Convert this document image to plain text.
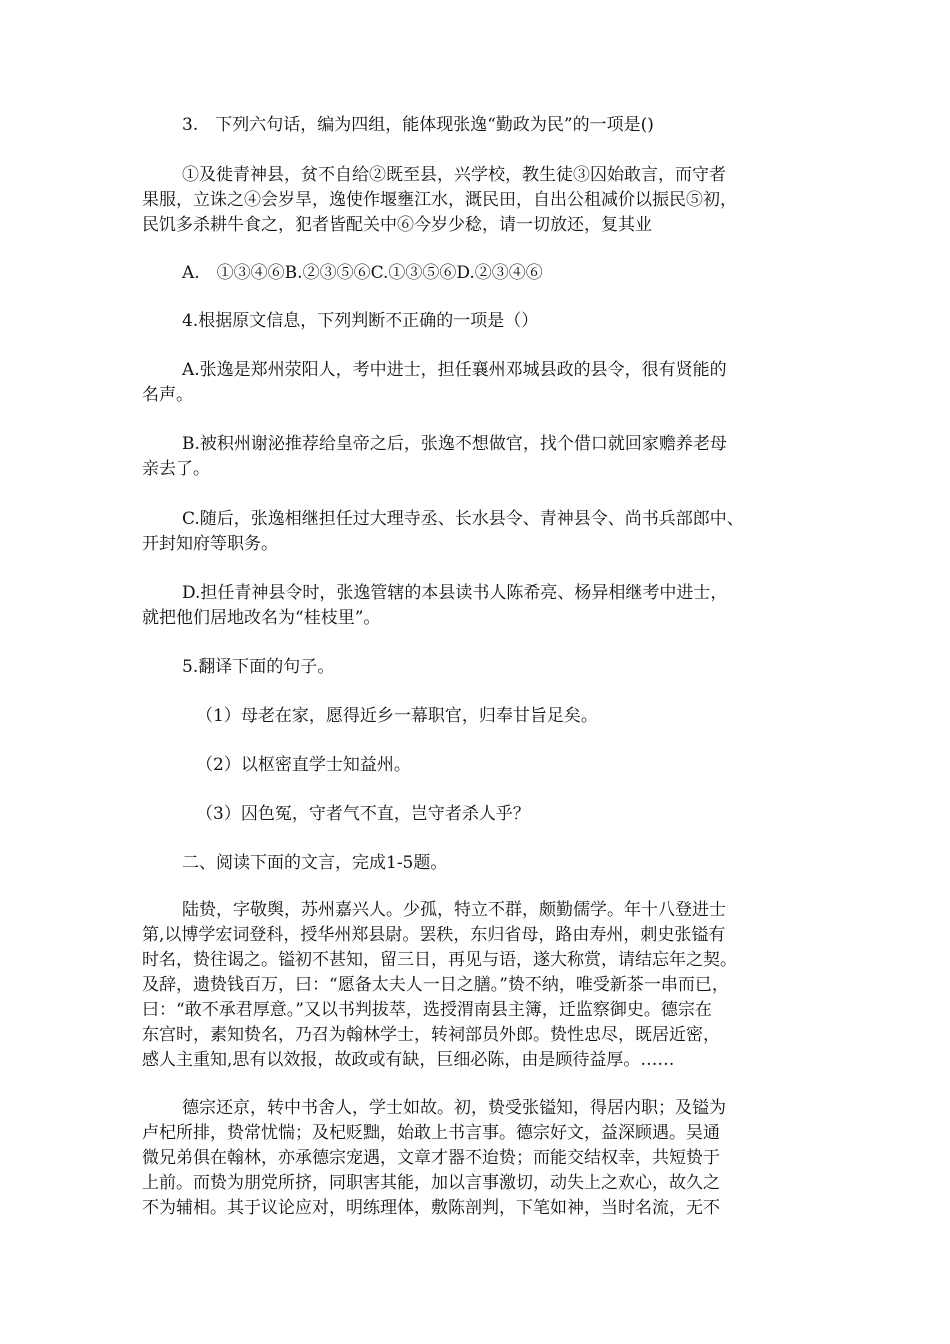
3.　下列六句话，编为四组，能体现张逸“勤政为民”的一项是()
①及徙青神县，贫不自给②既至县，兴学校，教生徒③囚始敢言，而守者
果服，立诛之④会岁旱，逸使作堰壅江水，溉民田，自出公租减价以振民⑤初，
民饥多杀耕牛食之，犯者皆配关中⑥今岁少稔，请一切放还，复其业
A.　①③④⑥B.②③⑤⑥C.①③⑤⑥D.②③④⑥
4.根据原文信息，下列判断不正确的一项是（）
A.张逸是郑州荥阳人，考中进士，担任襄州邓城县政的县令，很有贤能的
名声。
B.被积州谢泌推荐给皇帝之后，张逸不想做官，找个借口就回家赡养老母
亲去了。
C.随后，张逸相继担任过大理寺丞、长水县令、青神县令、尚书兵部郎中、
开封知府等职务。
D.担任青神县令时，张逸管辖的本县读书人陈希亮、杨异相继考中进士，
就把他们居地改名为“桂枝里”。
5.翻译下面的句子。
（1）母老在家，愿得近乡一幕职官，归奉甘旨足矣。
（2）以枢密直学士知益州。
（3）囚色冤，守者气不直，岂守者杀人乎？
二、阅读下面的文言，完成1-5题。
陆贽，字敬舆，苏州嘉兴人。少孤，特立不群，颇勤儒学。年十八登进士
第,以博学宏词登科，授华州郑县尉。罢秩，东归省母，路由寿州，刺史张镒有
时名，贽往谒之。镒初不甚知，留三日，再见与语，遂大称赏，请结忘年之契。
及辞，遗贽钱百万，曰：“愿备太夫人一日之膳。”贽不纳，唯受新茶一串而已，
曰：“敢不承君厚意。”又以书判拔萃，选授渭南县主簿，迁监察御史。德宗在
东宫时，素知贽名，乃召为翰林学士，转祠部员外郎。贽性忠尽，既居近密，
感人主重知,思有以效报，故政或有缺，巨细必陈，由是顾待益厚。……
德宗还京，转中书舍人，学士如故。初，贽受张镒知，得居内职；及镒为
卢杞所排，贽常忧惴；及杞贬黜，始敢上书言事。德宗好文，益深顾遇。吴通
微兄弟俱在翰林，亦承德宗宠遇，文章才器不迨贽；而能交结权幸，共短贽于
上前。而贽为朋党所挤，同职害其能，加以言事激切，动失上之欢心，故久之
不为辅相。其于议论应对，明练理体，敷陈剖判，下笔如神，当时名流，无不
